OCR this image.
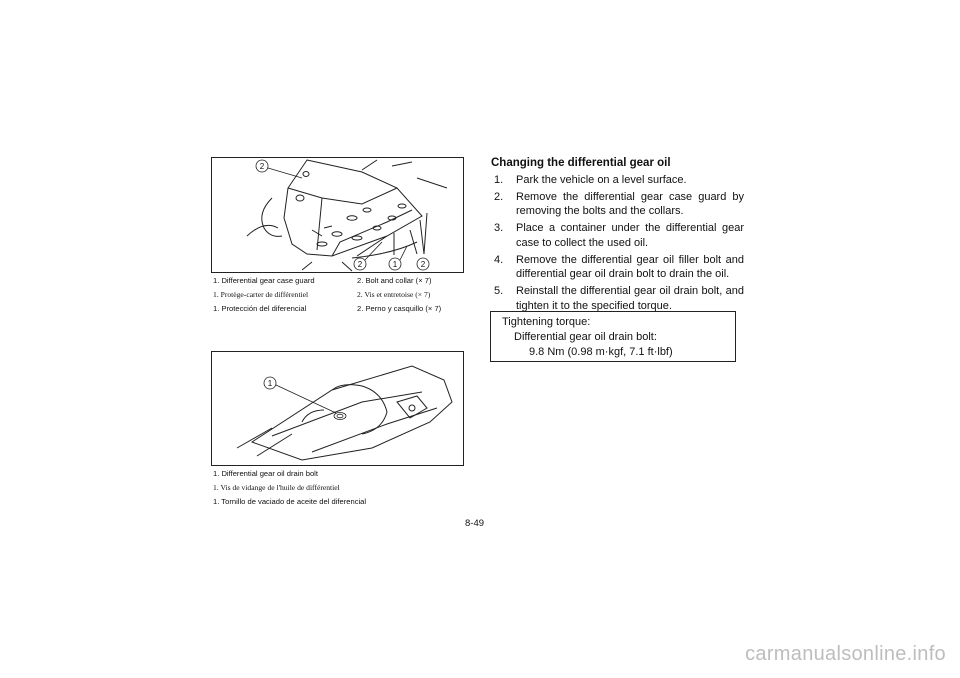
2
2	1	2
1. Differential gear case guard	2. Bolt and collar (× 7)
1. Protège-carter de différentiel	2. Vis et entretoise (× 7)
1. Protección del diferencial	2. Perno y casquillo (× 7)
1
1. Differential gear oil drain bolt
1. Vis de vidange de l'huile de différentiel
1. Tornillo de vaciado de aceite del diferencial
Changing the differential gear oil
1. Park the vehicle on a level surface.
2. Remove the differential gear case guard by removing the bolts and the collars.
3. Place a container under the differential gear case to collect the used oil.
4. Remove the differential gear oil filler bolt and differential gear oil drain bolt to drain the oil.
5. Reinstall the differential gear oil drain bolt, and tighten it to the specified torque.
Tightening torque:
Differential gear oil drain bolt:
9.8 Nm (0.98 m·kgf, 7.1 ft·lbf)
8-49
carmanualsonline.info
